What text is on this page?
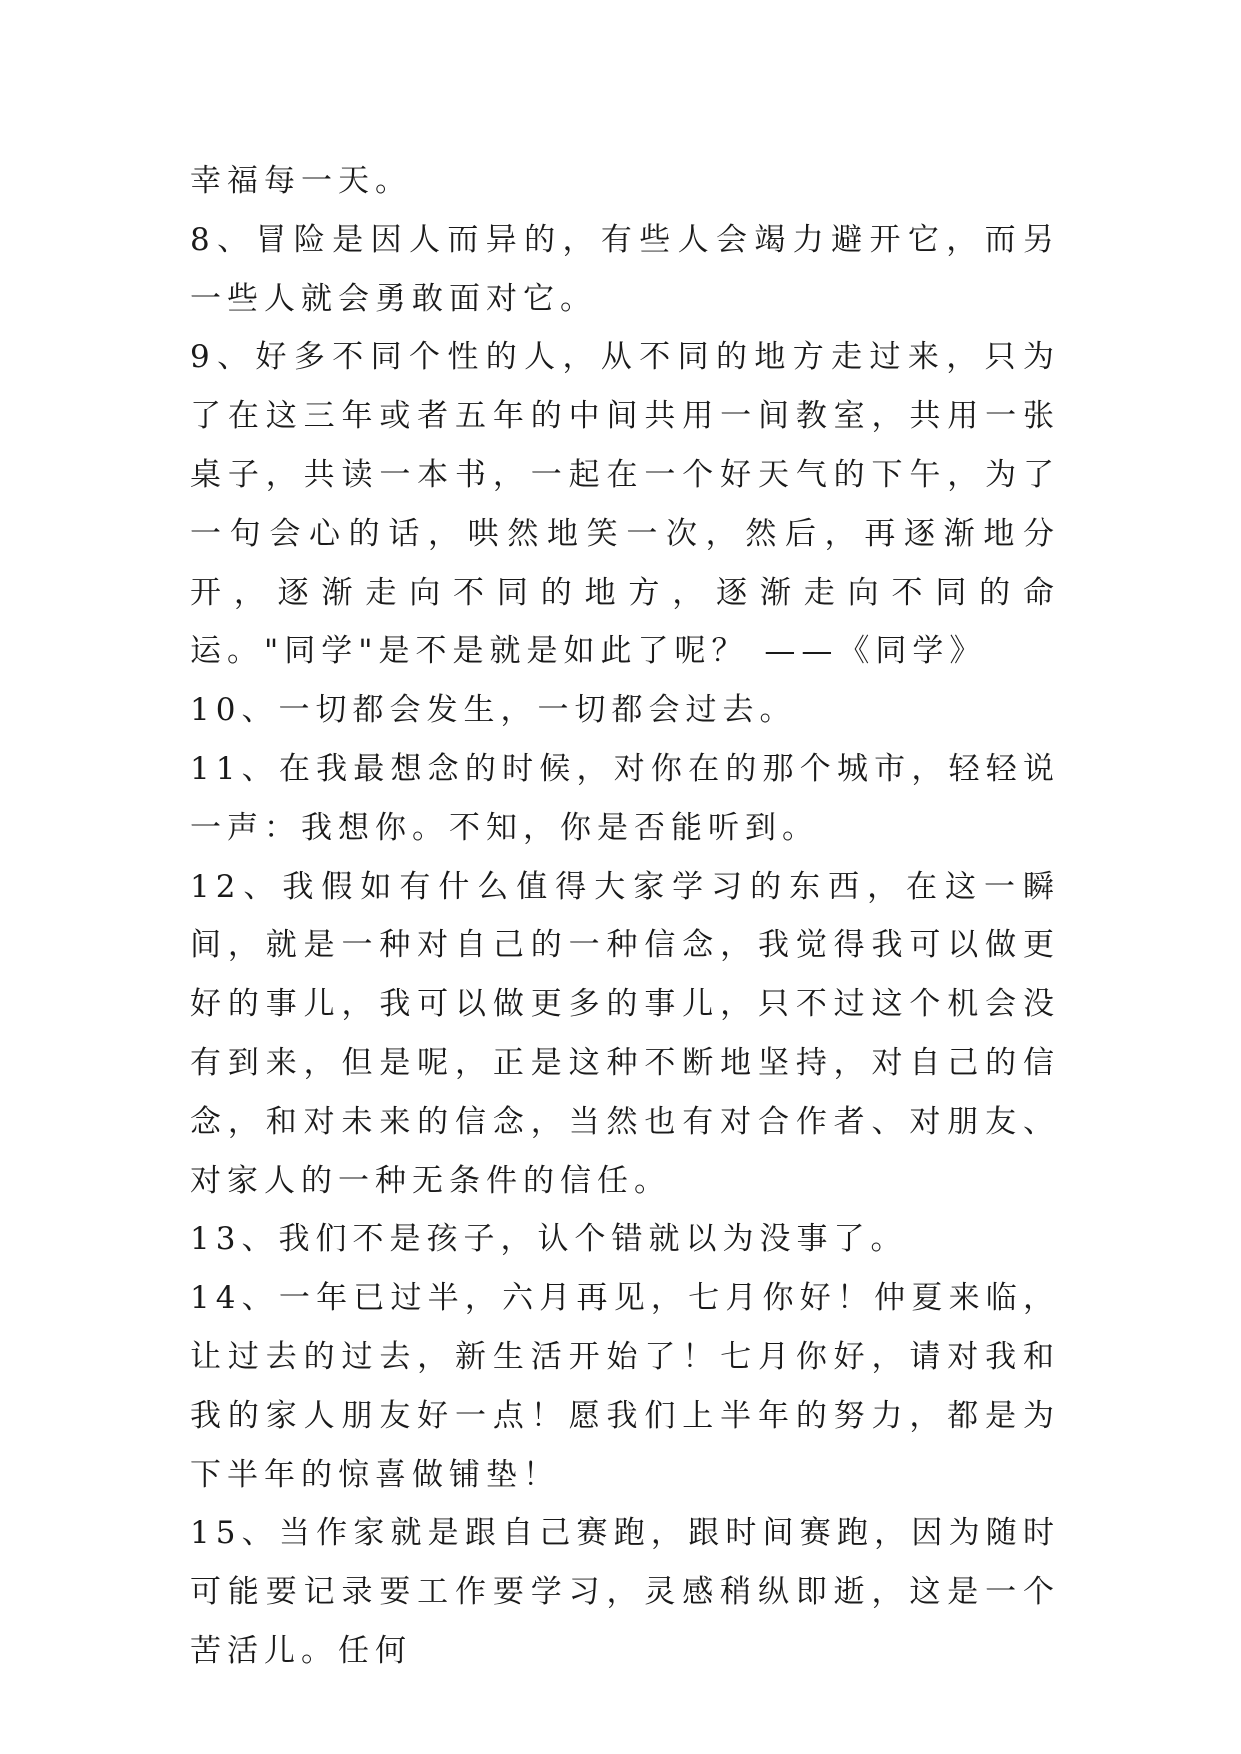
幸福每一天。

8、冒险是因人而异的，有些人会竭力避开它，而另一些人就会勇敢面对它。

9、好多不同个性的人，从不同的地方走过来，只为了在这三年或者五年的中间共用一间教室，共用一张桌子，共读一本书，一起在一个好天气的下午，为了一句会心的话，哄然地笑一次，然后，再逐渐地分开，逐渐走向不同的地方，逐渐走向不同的命运。"同学"是不是就是如此了呢？ ——《同学》

10、一切都会发生，一切都会过去。

11、在我最想念的时候，对你在的那个城市，轻轻说一声：我想你。不知，你是否能听到。

12、我假如有什么值得大家学习的东西，在这一瞬间，就是一种对自己的一种信念，我觉得我可以做更好的事儿，我可以做更多的事儿，只不过这个机会没有到来，但是呢，正是这种不断地坚持，对自己的信念，和对未来的信念，当然也有对合作者、对朋友、对家人的一种无条件的信任。

13、我们不是孩子，认个错就以为没事了。

14、一年已过半，六月再见，七月你好！仲夏来临，让过去的过去，新生活开始了！七月你好，请对我和我的家人朋友好一点！愿我们上半年的努力，都是为下半年的惊喜做铺垫！

15、当作家就是跟自己赛跑，跟时间赛跑，因为随时可能要记录要工作要学习，灵感稍纵即逝，这是一个苦活儿。任何
